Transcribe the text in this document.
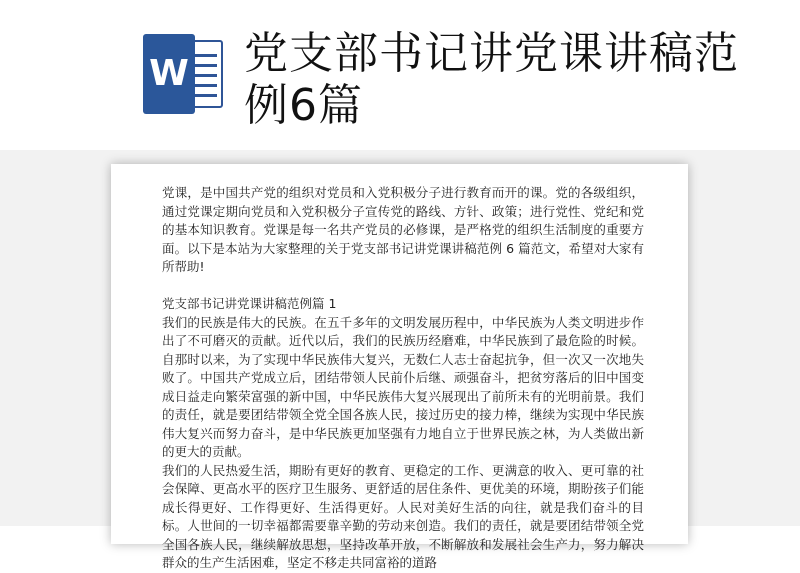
W 党支部书记讲党课讲稿范例6篇

党课，是中国共产党的组织对党员和入党积极分子进行教育而开的课。党的各级组织，通过党课定期向党员和入党积极分子宣传党的路线、方针、政策；进行党性、党纪和党的基本知识教育。党课是每一名共产党员的必修课，是严格党的组织生活制度的重要方面。以下是本站为大家整理的关于党支部书记讲党课讲稿范例 6 篇范文，希望对大家有所帮助!

党支部书记讲党课讲稿范例篇 1

我们的民族是伟大的民族。在五千多年的文明发展历程中，中华民族为人类文明进步作出了不可磨灭的贡献。近代以后，我们的民族历经磨难，中华民族到了最危险的时候。自那时以来，为了实现中华民族伟大复兴，无数仁人志士奋起抗争，但一次又一次地失败了。中国共产党成立后，团结带领人民前仆后继、顽强奋斗，把贫穷落后的旧中国变成日益走向繁荣富强的新中国，中华民族伟大复兴展现出了前所未有的光明前景。我们的责任，就是要团结带领全党全国各族人民，接过历史的接力棒，继续为实现中华民族伟大复兴而努力奋斗，是中华民族更加坚强有力地自立于世界民族之林，为人类做出新的更大的贡献。

我们的人民热爱生活，期盼有更好的教育、更稳定的工作、更满意的收入、更可靠的社会保障、更高水平的医疗卫生服务、更舒适的居住条件、更优美的环境，期盼孩子们能成长得更好、工作得更好、生活得更好。人民对美好生活的向往，就是我们奋斗的目标。人世间的一切幸福都需要靠辛勤的劳动来创造。我们的责任，就是要团结带领全党全国各族人民，继续解放思想，坚持改革开放，不断解放和发展社会生产力，努力解决群众的生产生活困难，坚定不移走共同富裕的道路
